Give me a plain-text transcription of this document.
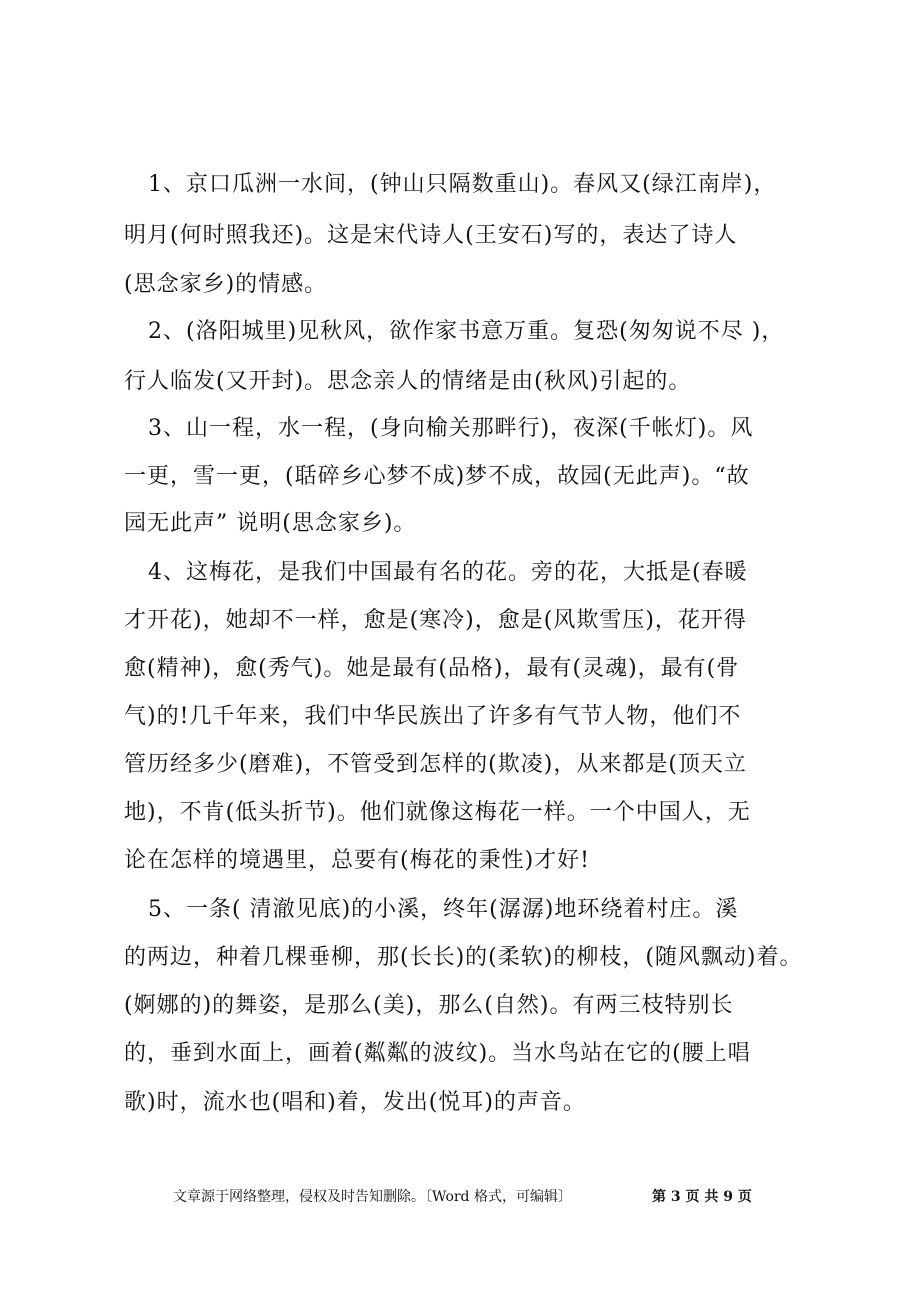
1、京口瓜洲一水间，(钟山只隔数重山)。春风又(绿江南岸)，
明月(何时照我还)。这是宋代诗人(王安石)写的，表达了诗人
(思念家乡)的情感。
2、(洛阳城里)见秋风，欲作家书意万重。复恐(匆匆说不尽 )，
行人临发(又开封)。思念亲人的情绪是由(秋风)引起的。
3、山一程，水一程，(身向榆关那畔行)，夜深(千帐灯)。风
一更，雪一更，(聒碎乡心梦不成)梦不成，故园(无此声)。“故
园无此声” 说明(思念家乡)。
4、这梅花，是我们中国最有名的花。旁的花，大抵是(春暖
才开花)，她却不一样，愈是(寒冷)，愈是(风欺雪压)，花开得
愈(精神)，愈(秀气)。她是最有(品格)，最有(灵魂)，最有(骨
气)的!几千年来，我们中华民族出了许多有气节人物，他们不
管历经多少(磨难)，不管受到怎样的(欺凌)，从来都是(顶天立
地)，不肯(低头折节)。他们就像这梅花一样。一个中国人，无
论在怎样的境遇里，总要有(梅花的秉性)才好!
5、一条( 清澈见底)的小溪，终年(潺潺)地环绕着村庄。溪
的两边，种着几棵垂柳，那(长长)的(柔软)的柳枝，(随风飘动)着。
(婀娜的)的舞姿，是那么(美)，那么(自然)。有两三枝特别长
的，垂到水面上，画着(粼粼的波纹)。当水鸟站在它的(腰上唱
歌)时，流水也(唱和)着，发出(悦耳)的声音。
文章源于网络整理，侵权及时告知删除。〔Word 格式，可编辑〕	第 3 页 共 9 页
